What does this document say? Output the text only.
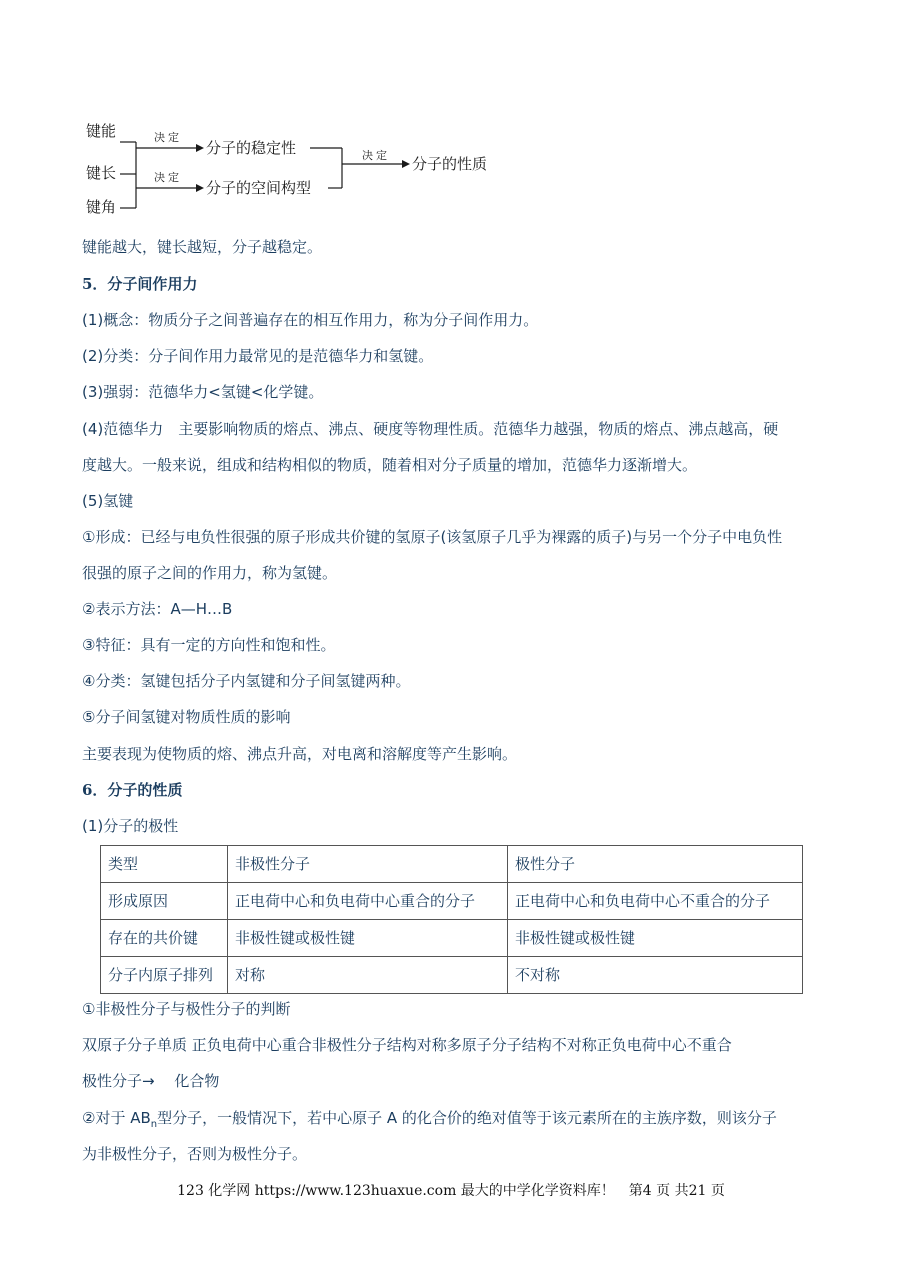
键能
键长
键角
决定
决定
决定
分子的稳定性
分子的空间构型
分子的性质
键能越大，键长越短，分子越稳定。
5．分子间作用力
(1)概念：物质分子之间普遍存在的相互作用力，称为分子间作用力。
(2)分类：分子间作用力最常见的是范德华力和氢键。
(3)强弱：范德华力<氢键<化学键。
(4)范德华力　主要影响物质的熔点、沸点、硬度等物理性质。范德华力越强，物质的熔点、沸点越高，硬
度越大。一般来说，组成和结构相似的物质，随着相对分子质量的增加，范德华力逐渐增大。
(5)氢键
①形成：已经与电负性很强的原子形成共价键的氢原子(该氢原子几乎为裸露的质子)与另一个分子中电负性
很强的原子之间的作用力，称为氢键。
②表示方法：A—H…B
③特征：具有一定的方向性和饱和性。
④分类：氢键包括分子内氢键和分子间氢键两种。
⑤分子间氢键对物质性质的影响
主要表现为使物质的熔、沸点升高，对电离和溶解度等产生影响。
6．分子的性质
(1)分子的极性
类型	非极性分子	极性分子
形成原因	正电荷中心和负电荷中心重合的分子	正电荷中心和负电荷中心不重合的分子
存在的共价键	非极性键或极性键	非极性键或极性键
分子内原子排列	对称	不对称
①非极性分子与极性分子的判断
双原子分子单质 正负电荷中心重合非极性分子结构对称多原子分子结构不对称正负电荷中心不重合
极性分子→　 化合物
②对于 $AB_n$型分子，一般情况下，若中心原子 A 的化合价的绝对值等于该元素所在的主族序数，则该分子
为非极性分子，否则为极性分子。
123 化学网 https://www.123huaxue.com 最大的中学化学资料库！　第4 页 共21 页
